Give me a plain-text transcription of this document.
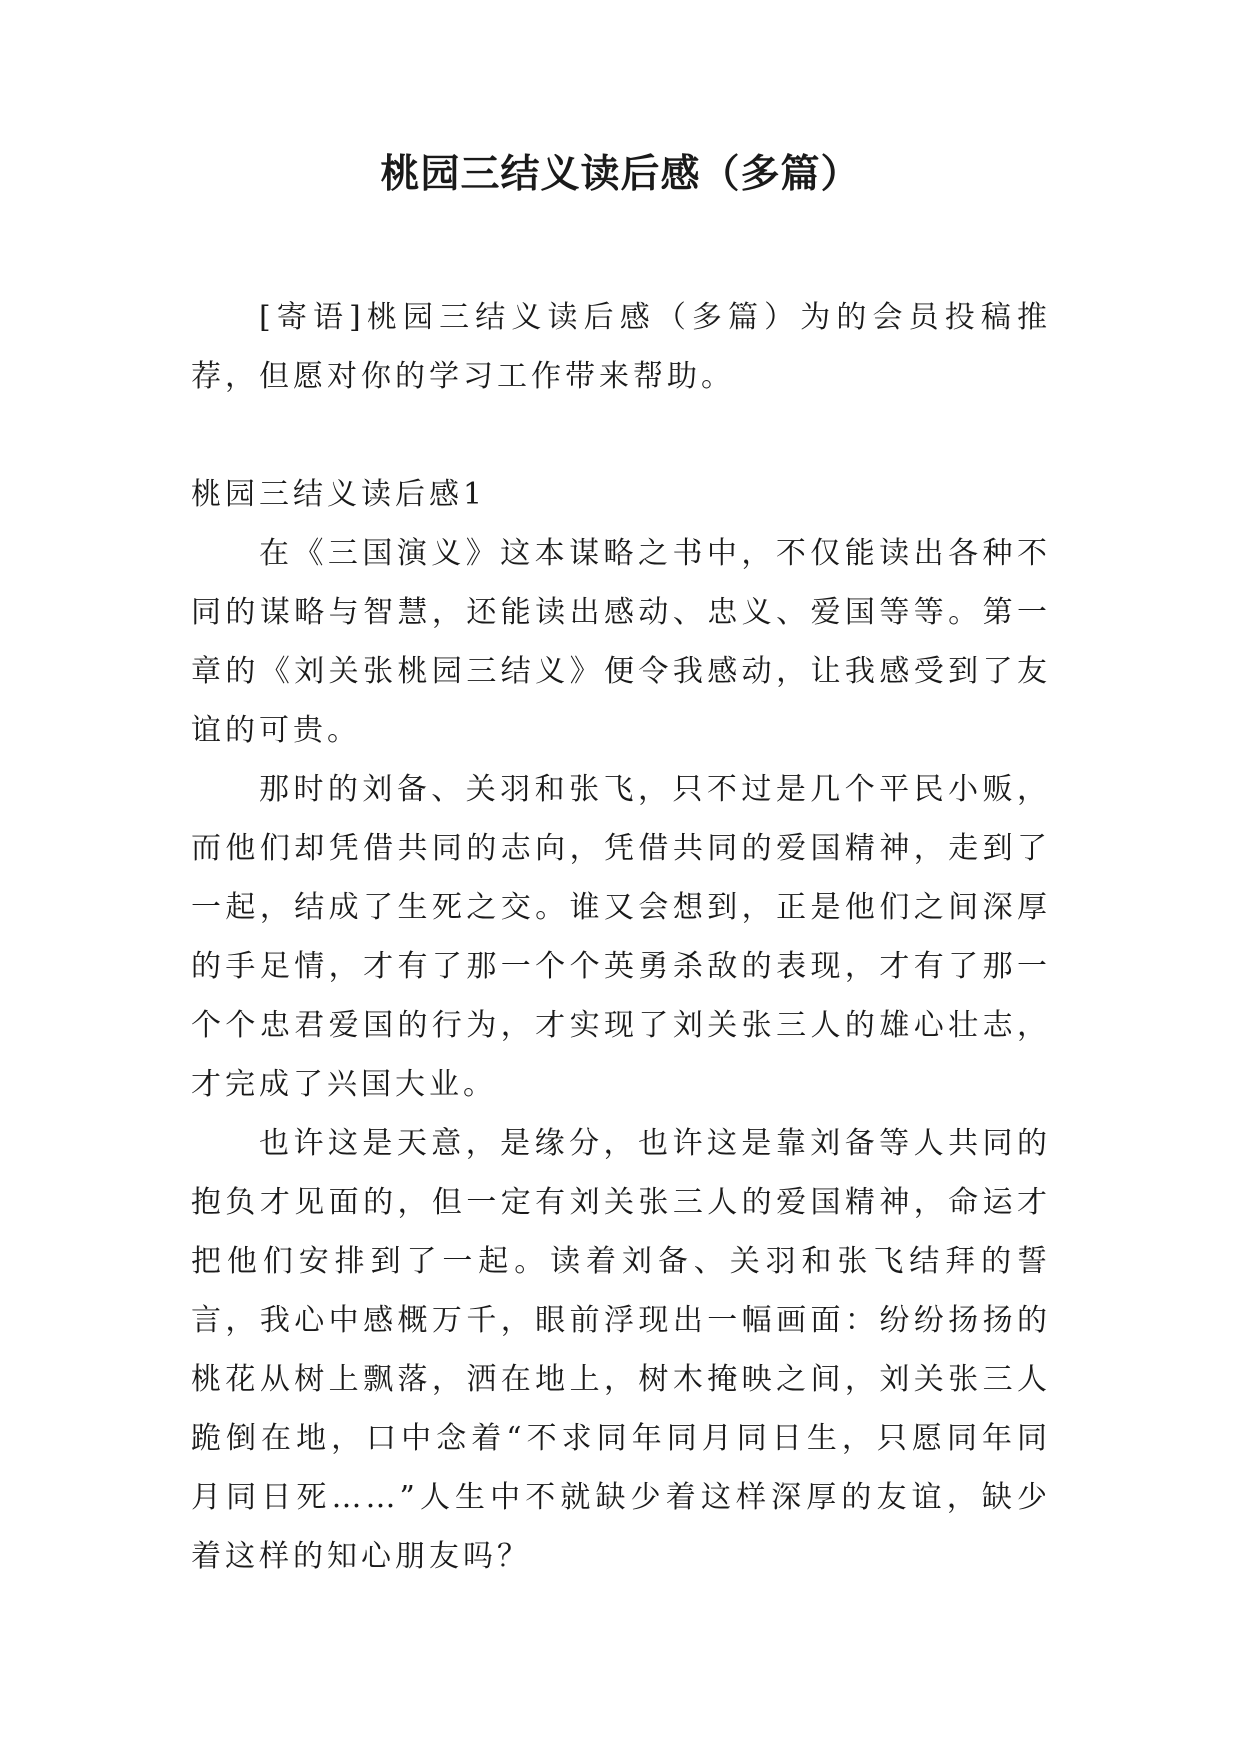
桃园三结义读后感（多篇）

[寄语]桃园三结义读后感（多篇）为的会员投稿推荐，但愿对你的学习工作带来帮助。

桃园三结义读后感1

在《三国演义》这本谋略之书中，不仅能读出各种不同的谋略与智慧，还能读出感动、忠义、爱国等等。第一章的《刘关张桃园三结义》便令我感动，让我感受到了友谊的可贵。

那时的刘备、关羽和张飞，只不过是几个平民小贩，而他们却凭借共同的志向，凭借共同的爱国精神，走到了一起，结成了生死之交。谁又会想到，正是他们之间深厚的手足情，才有了那一个个英勇杀敌的表现，才有了那一个个忠君爱国的行为，才实现了刘关张三人的雄心壮志，才完成了兴国大业。

也许这是天意，是缘分，也许这是靠刘备等人共同的抱负才见面的，但一定有刘关张三人的爱国精神，命运才把他们安排到了一起。读着刘备、关羽和张飞结拜的誓言，我心中感概万千，眼前浮现出一幅画面：纷纷扬扬的桃花从树上飘落，洒在地上，树木掩映之间，刘关张三人跪倒在地，口中念着“不求同年同月同日生，只愿同年同月同日死……”人生中不就缺少着这样深厚的友谊，缺少着这样的知心朋友吗？
